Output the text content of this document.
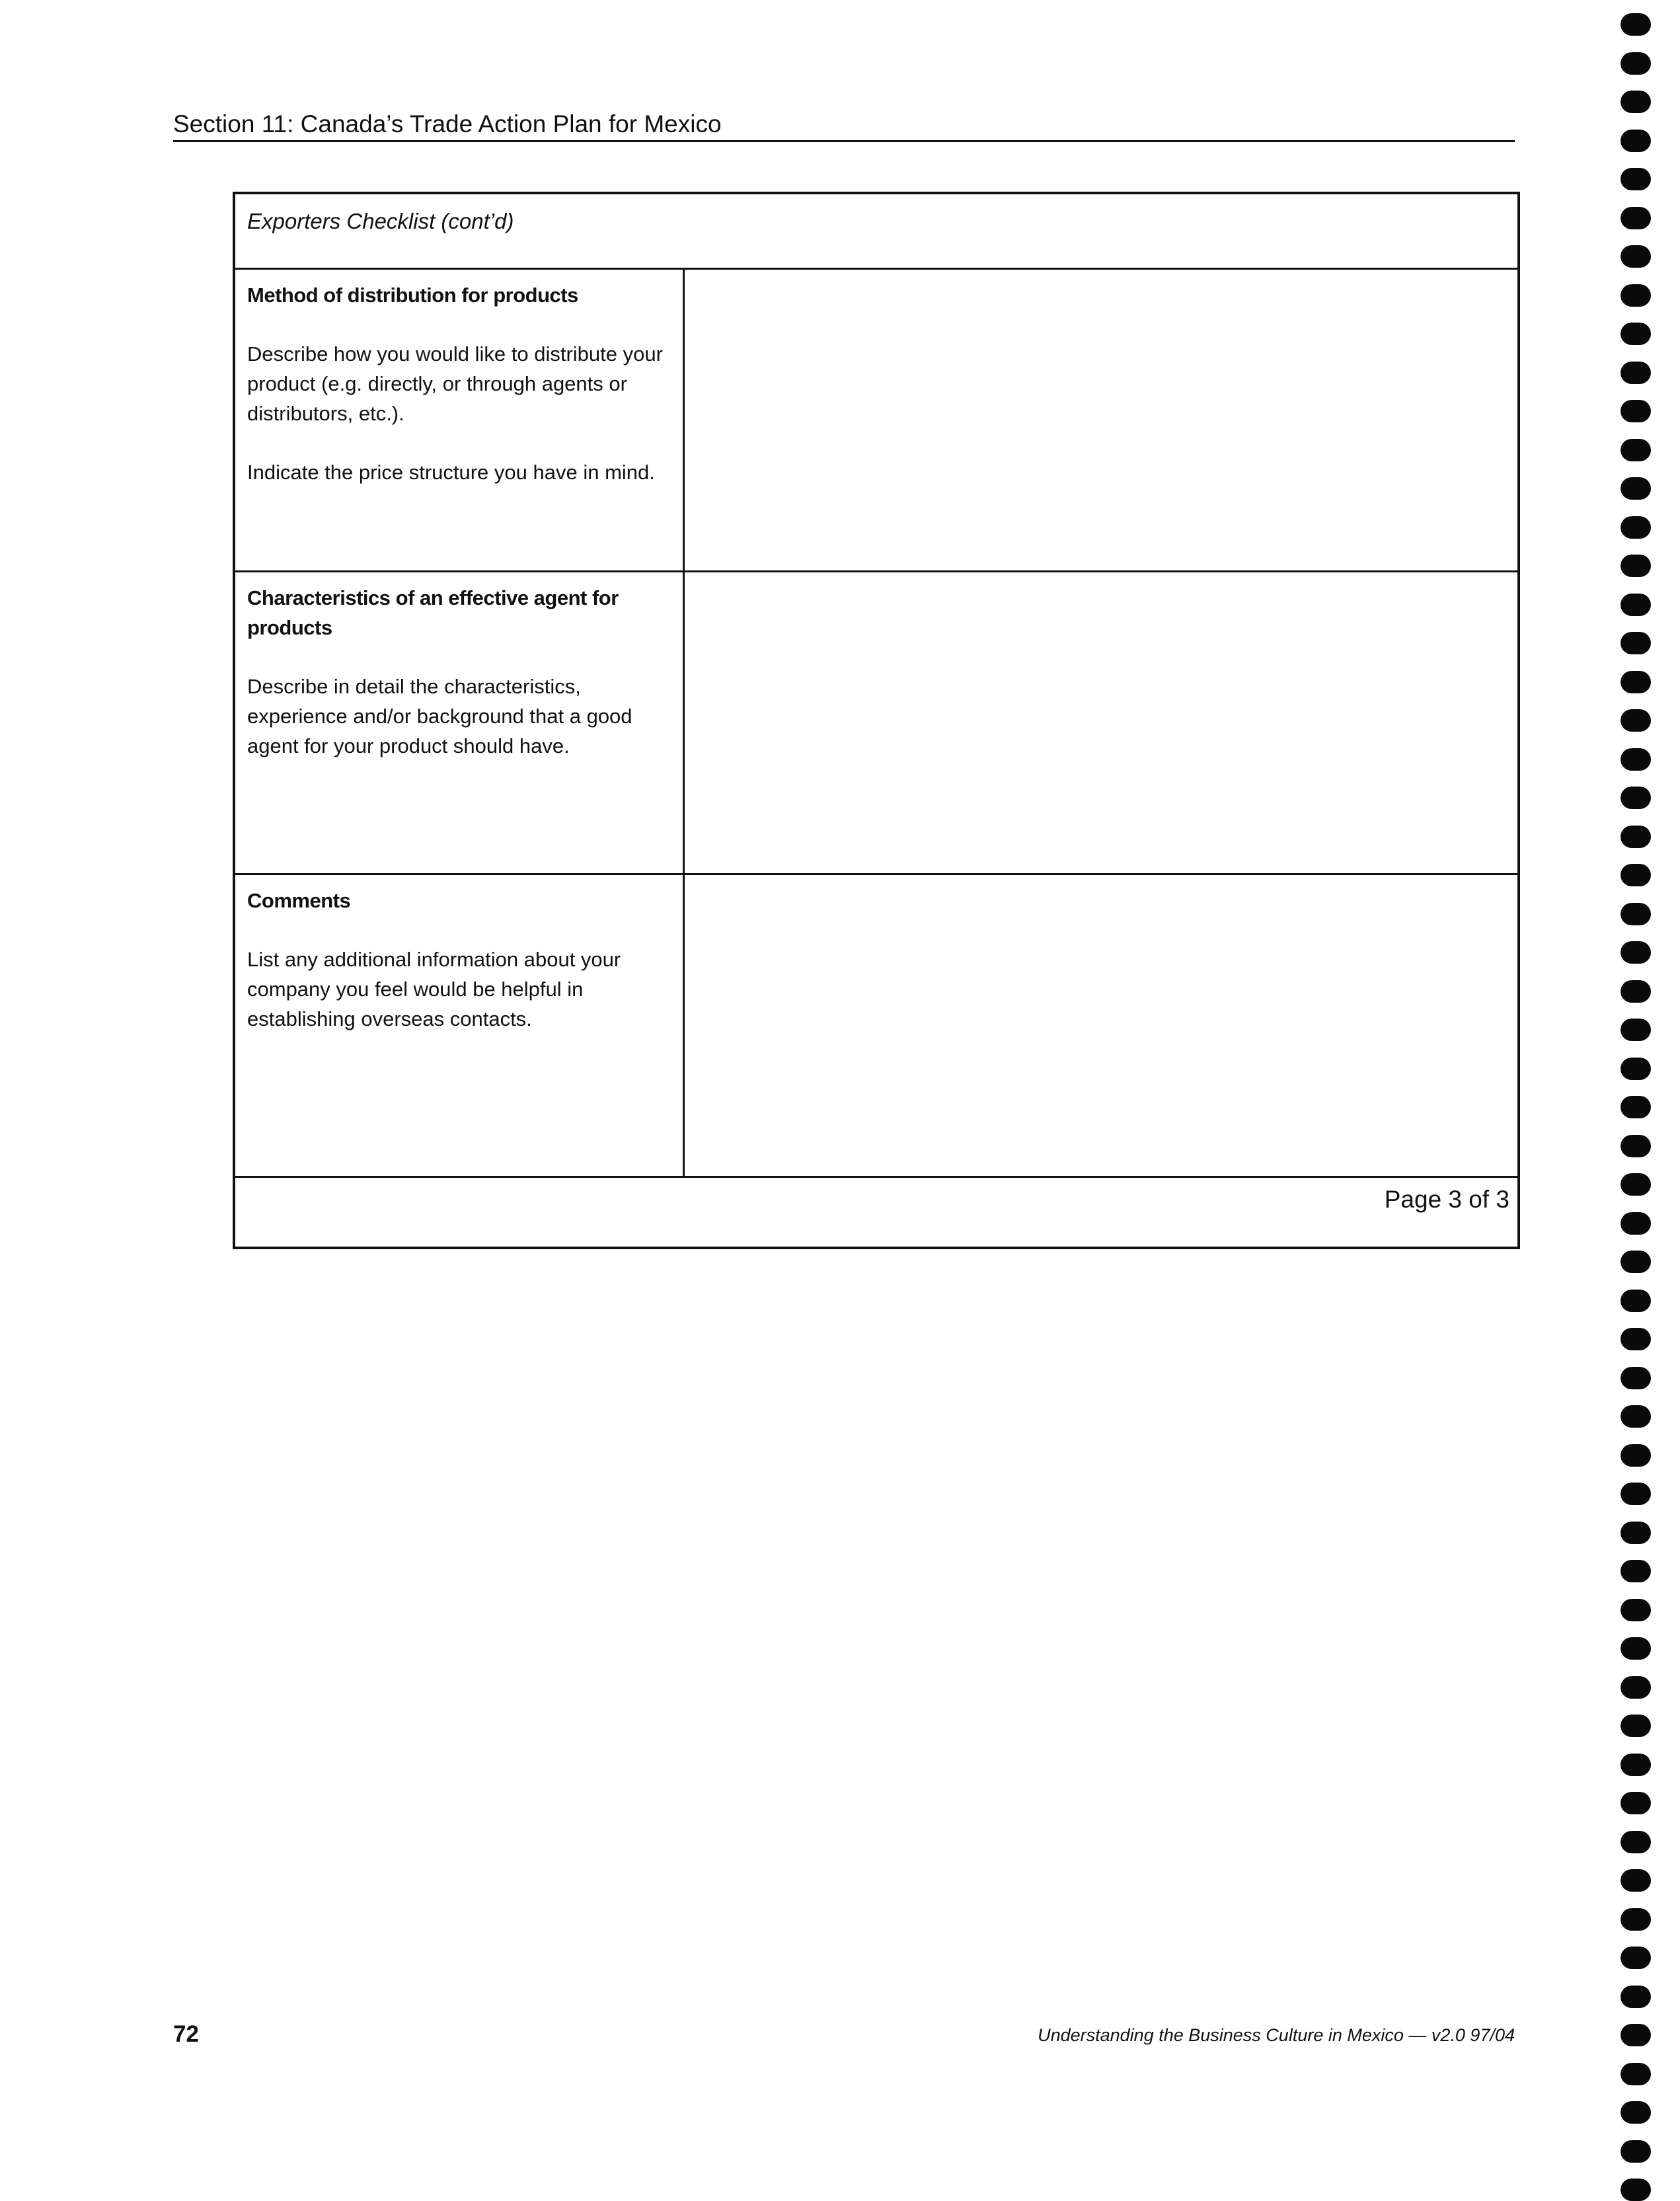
Section 11: Canada’s Trade Action Plan for Mexico
Exporters Checklist (cont’d)

Method of distribution for products

Describe how you would like to distribute your product (e.g. directly, or through agents or distributors, etc.).

Indicate the price structure you have in mind.

Characteristics of an effective agent for products

Describe in detail the characteristics, experience and/or background that a good agent for your product should have.

Comments

List any additional information about your company you feel would be helpful in establishing overseas contacts.

Page 3 of 3
72	Understanding the Business Culture in Mexico — v2.0 97/04
